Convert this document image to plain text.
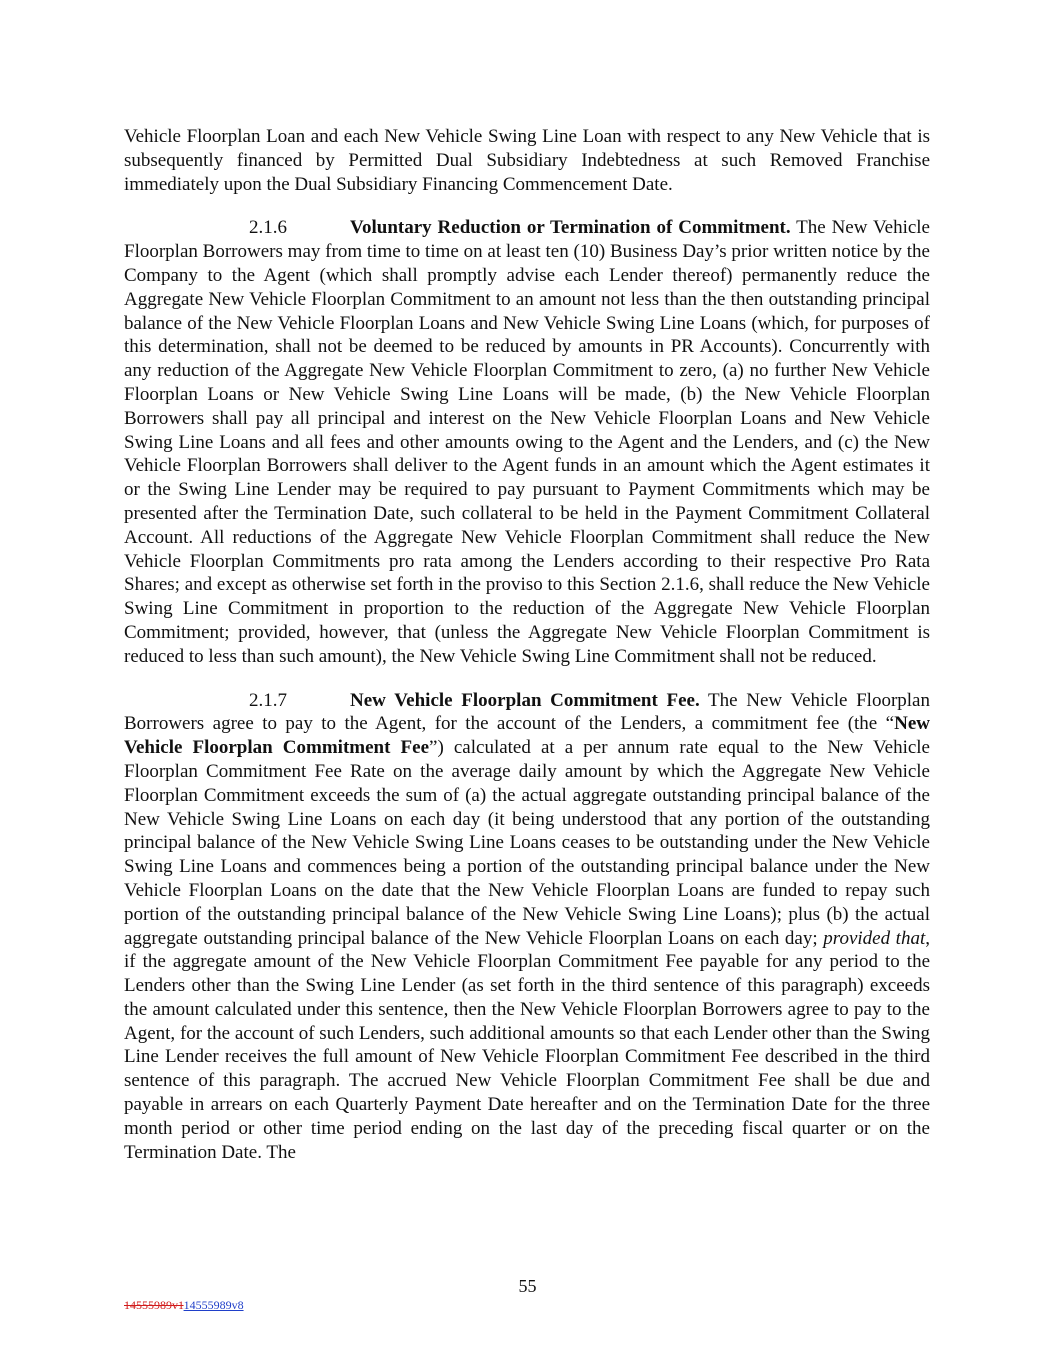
Vehicle Floorplan Loan and each New Vehicle Swing Line Loan with respect to any New Vehicle that is subsequently financed by Permitted Dual Subsidiary Indebtedness at such Removed Franchise immediately upon the Dual Subsidiary Financing Commencement Date.

2.1.6	Voluntary Reduction or Termination of Commitment. The New Vehicle Floorplan Borrowers may from time to time on at least ten (10) Business Day’s prior written notice by the Company to the Agent (which shall promptly advise each Lender thereof) permanently reduce the Aggregate New Vehicle Floorplan Commitment to an amount not less than the then outstanding principal balance of the New Vehicle Floorplan Loans and New Vehicle Swing Line Loans (which, for purposes of this determination, shall not be deemed to be reduced by amounts in PR Accounts). Concurrently with any reduction of the Aggregate New Vehicle Floorplan Commitment to zero, (a) no further New Vehicle Floorplan Loans or New Vehicle Swing Line Loans will be made, (b) the New Vehicle Floorplan Borrowers shall pay all principal and interest on the New Vehicle Floorplan Loans and New Vehicle Swing Line Loans and all fees and other amounts owing to the Agent and the Lenders, and (c) the New Vehicle Floorplan Borrowers shall deliver to the Agent funds in an amount which the Agent estimates it or the Swing Line Lender may be required to pay pursuant to Payment Commitments which may be presented after the Termination Date, such collateral to be held in the Payment Commitment Collateral Account. All reductions of the Aggregate New Vehicle Floorplan Commitment shall reduce the New Vehicle Floorplan Commitments pro rata among the Lenders according to their respective Pro Rata Shares; and except as otherwise set forth in the proviso to this Section 2.1.6, shall reduce the New Vehicle Swing Line Commitment in proportion to the reduction of the Aggregate New Vehicle Floorplan Commitment; provided, however, that (unless the Aggregate New Vehicle Floorplan Commitment is reduced to less than such amount), the New Vehicle Swing Line Commitment shall not be reduced.

2.1.7	New Vehicle Floorplan Commitment Fee. The New Vehicle Floorplan Borrowers agree to pay to the Agent, for the account of the Lenders, a commitment fee (the “New Vehicle Floorplan Commitment Fee”) calculated at a per annum rate equal to the New Vehicle Floorplan Commitment Fee Rate on the average daily amount by which the Aggregate New Vehicle Floorplan Commitment exceeds the sum of (a) the actual aggregate outstanding principal balance of the New Vehicle Swing Line Loans on each day (it being understood that any portion of the outstanding principal balance of the New Vehicle Swing Line Loans ceases to be outstanding under the New Vehicle Swing Line Loans and commences being a portion of the outstanding principal balance under the New Vehicle Floorplan Loans on the date that the New Vehicle Floorplan Loans are funded to repay such portion of the outstanding principal balance of the New Vehicle Swing Line Loans); plus (b) the actual aggregate outstanding principal balance of the New Vehicle Floorplan Loans on each day; provided that, if the aggregate amount of the New Vehicle Floorplan Commitment Fee payable for any period to the Lenders other than the Swing Line Lender (as set forth in the third sentence of this paragraph) exceeds the amount calculated under this sentence, then the New Vehicle Floorplan Borrowers agree to pay to the Agent, for the account of such Lenders, such additional amounts so that each Lender other than the Swing Line Lender receives the full amount of New Vehicle Floorplan Commitment Fee described in the third sentence of this paragraph. The accrued New Vehicle Floorplan Commitment Fee shall be due and payable in arrears on each Quarterly Payment Date hereafter and on the Termination Date for the three month period or other time period ending on the last day of the preceding fiscal quarter or on the Termination Date. The

55
14555989v114555989v8
